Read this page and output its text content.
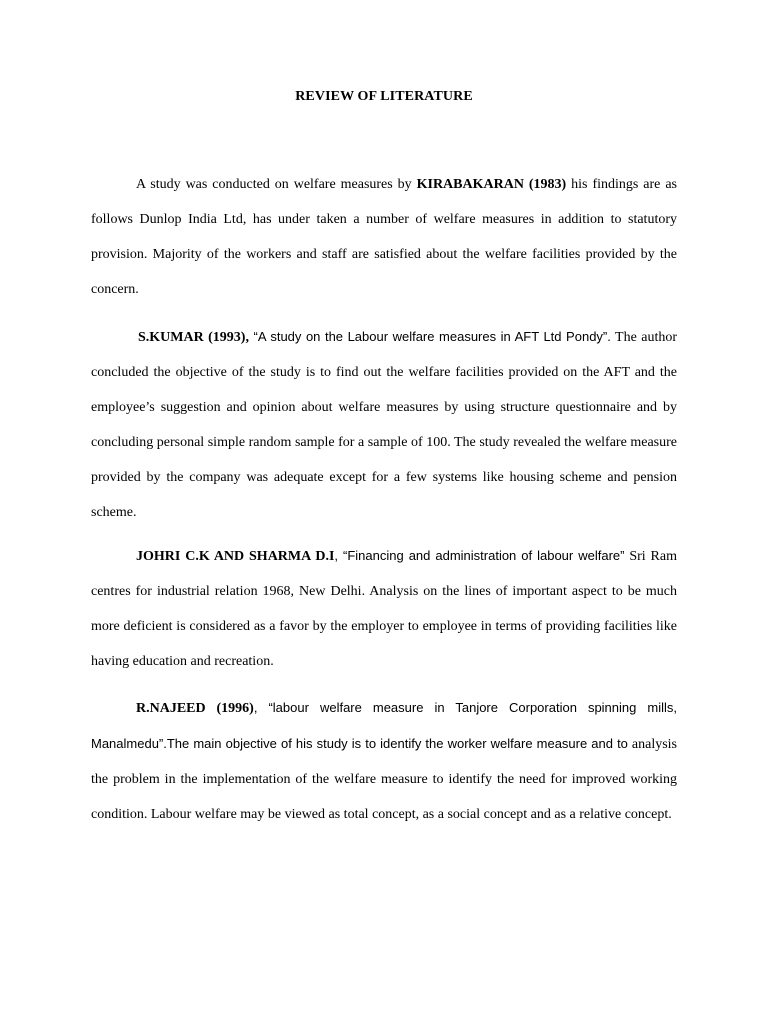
REVIEW OF LITERATURE

A study was conducted on welfare measures by KIRABAKARAN (1983) his findings are as follows Dunlop India Ltd, has under taken a number of welfare measures in addition to statutory provision. Majority of the workers and staff are satisfied about the welfare facilities provided by the concern.

S.KUMAR (1993), “A study on the Labour welfare measures in AFT Ltd Pondy”. The author concluded the objective of the study is to find out the welfare facilities provided on the AFT and the employee’s suggestion and opinion about welfare measures by using structure questionnaire and by concluding personal simple random sample for a sample of 100. The study revealed the welfare measure provided by the company was adequate except for a few systems like housing scheme and pension scheme.

JOHRI C.K AND SHARMA D.I, “Financing and administration of labour welfare” Sri Ram centres for industrial relation 1968, New Delhi. Analysis on the lines of important aspect to be much more deficient is considered as a favor by the employer to employee in terms of providing facilities like having education and recreation.

R.NAJEED (1996), “labour welfare measure in Tanjore Corporation spinning mills, Manalmedu”.The main objective of his study is to identify the worker welfare measure and to analysis the problem in the implementation of the welfare measure to identify the need for improved working condition. Labour welfare may be viewed as total concept, as a social concept and as a relative concept.
